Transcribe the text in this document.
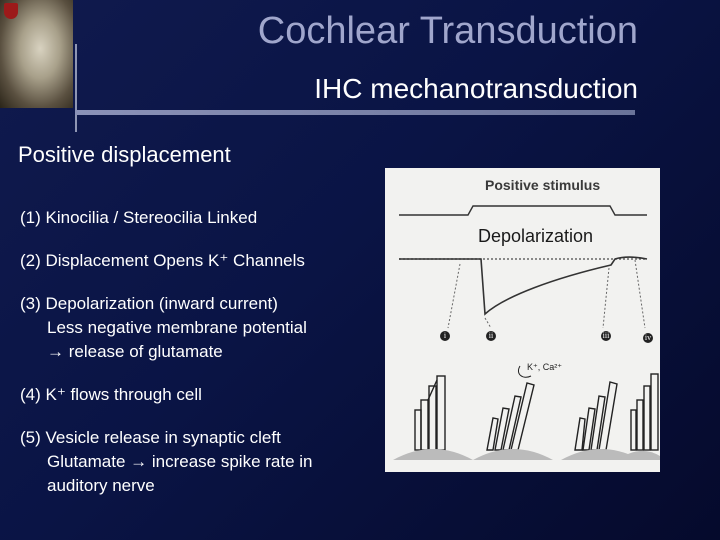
Cochlear Transduction
IHC mechanotransduction
Positive displacement
(1) Kinocilia / Stereocilia Linked
(2) Displacement Opens K⁺ Channels
(3) Depolarization (inward current)
Less negative membrane potential
→ release of glutamate
(4) K⁺ flows through cell
(5) Vesicle release in synaptic cleft
Glutamate → increase spike rate in
auditory nerve
Positive stimulus
Depolarization
K⁺, Ca²⁺
i	ii	iii	iv
